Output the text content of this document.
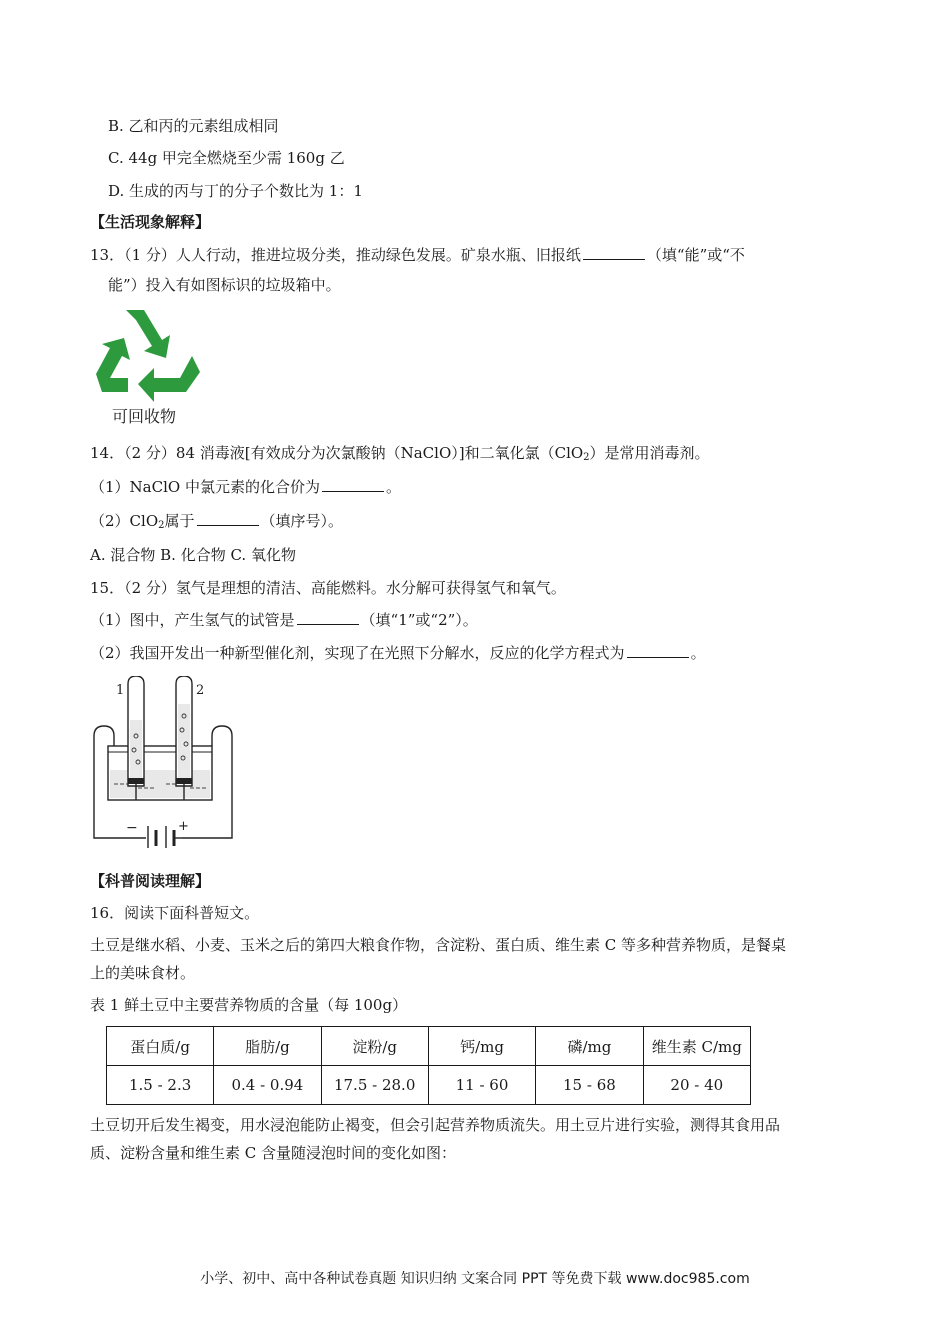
B. 乙和丙的元素组成相同
C. 44g 甲完全燃烧至少需 160g 乙
D. 生成的丙与丁的分子个数比为 1：1
【生活现象解释】
13．（1 分）人人行动，推进垃圾分类，推动绿色发展。矿泉水瓶、旧报纸	（填“能”或“不
能”）投入有如图标识的垃圾箱中。
可回收物
14．（2 分）84 消毒液[有效成分为次氯酸钠（NaClO）]和二氧化氯（ClO$_2$）是常用消毒剂。
（1）NaClO 中氯元素的化合价为	。
（2）ClO$_2$属于	（填序号）。
A. 混合物 B. 化合物 C. 氧化物
15．（2 分）氢气是理想的清洁、高能燃料。水分解可获得氢气和氧气。
（1）图中，产生氢气的试管是	（填“1”或“2”）。
（2）我国开发出一种新型催化剂，实现了在光照下分解水，反应的化学方程式为	。
1	2
−	+
【科普阅读理解】
16．阅读下面科普短文。
土豆是继水稻、小麦、玉米之后的第四大粮食作物，含淀粉、蛋白质、维生素 C 等多种营养物质，是餐桌
上的美味食材。
表 1 鲜土豆中主要营养物质的含量（每 100g）
蛋白质/g	脂肪/g	淀粉/g	钙/mg	磷/mg	维生素 C/mg
1.5 - 2.3	0.4 - 0.94	17.5 - 28.0	11 - 60	15 - 68	20 - 40
土豆切开后发生褐变，用水浸泡能防止褐变，但会引起营养物质流失。用土豆片进行实验，测得其食用品
质、淀粉含量和维生素 C 含量随浸泡时间的变化如图：
小学、初中、高中各种试卷真题 知识归纳 文案合同 PPT 等免费下载 www.doc985.com
